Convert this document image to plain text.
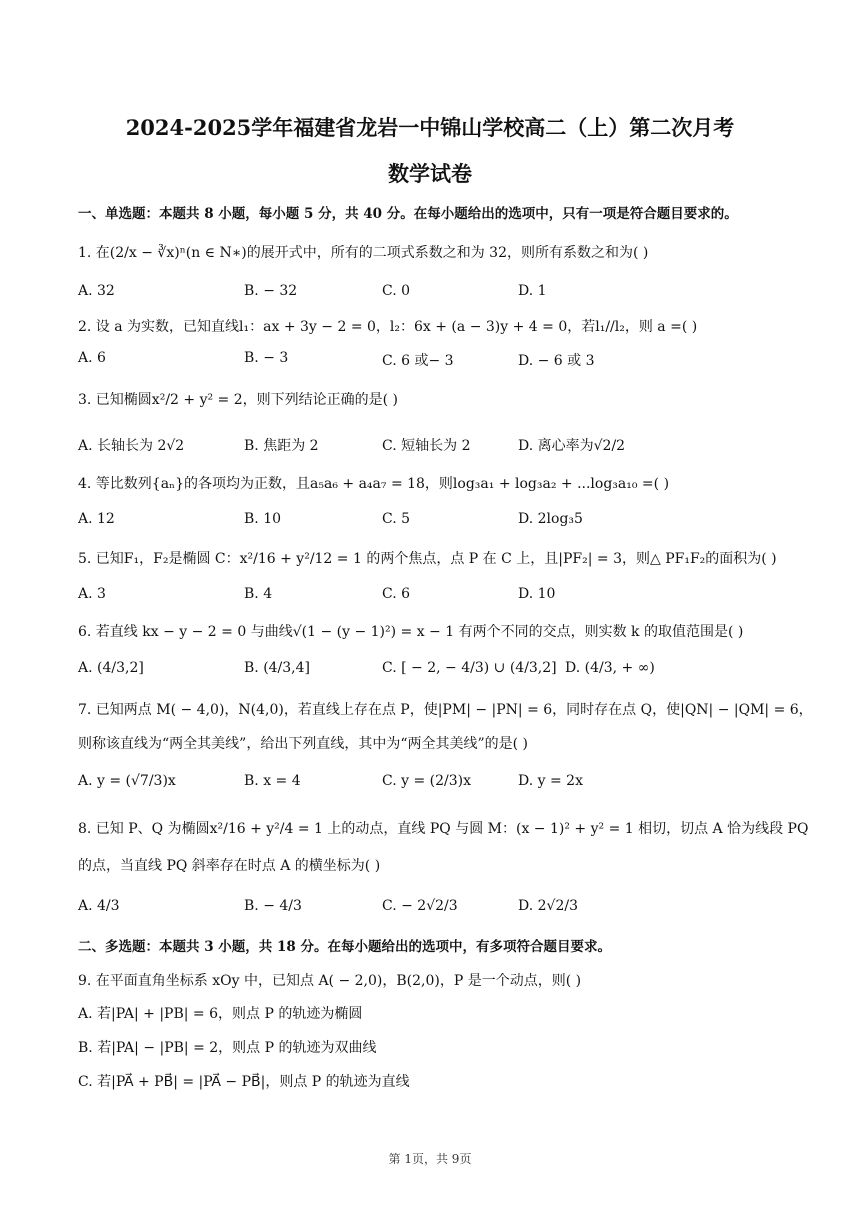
2024-2025学年福建省龙岩一中锦山学校高二（上）第二次月考
数学试卷
一、单选题：本题共 8 小题，每小题 5 分，共 40 分。在每小题给出的选项中，只有一项是符合题目要求的。
1. 在(2/x − ∛x)ⁿ(n ∈ N∗)的展开式中，所有的二项式系数之和为 32，则所有系数之和为( )
A. 32	B. − 32	C. 0	D. 1
2. 设 a 为实数，已知直线l₁：ax + 3y − 2 = 0，l₂：6x + (a − 3)y + 4 = 0，若l₁//l₂，则 a =( )
A. 6	B. − 3	C. 6 或− 3	D. − 6 或 3
3. 已知椭圆x²/2 + y² = 2，则下列结论正确的是( )
A. 长轴长为 2√2	B. 焦距为 2	C. 短轴长为 2	D. 离心率为√2/2
4. 等比数列{aₙ}的各项均为正数，且a₅a₆ + a₄a₇ = 18，则log₃a₁ + log₃a₂ + ...log₃a₁₀ =( )
A. 12	B. 10	C. 5	D. 2log₃5
5. 已知F₁，F₂是椭圆 C：x²/16 + y²/12 = 1 的两个焦点，点 P 在 C 上，且|PF₂| = 3，则△ PF₁F₂的面积为( )
A. 3	B. 4	C. 6	D. 10
6. 若直线 kx − y − 2 = 0 与曲线√(1 − (y − 1)²) = x − 1 有两个不同的交点，则实数 k 的取值范围是( )
A. (4/3,2]	B. (4/3,4]	C. [ − 2, − 4/3) ∪ (4/3,2] D. (4/3, + ∞)
7. 已知两点 M( − 4,0)，N(4,0)，若直线上存在点 P，使|PM| − |PN| = 6，同时存在点 Q，使|QN| − |QM| = 6，
则称该直线为“两全其美线”，给出下列直线，其中为“两全其美线”的是( )
A. y = (√7/3)x	B. x = 4	C. y = (2/3)x	D. y = 2x
8. 已知 P、Q 为椭圆x²/16 + y²/4 = 1 上的动点，直线 PQ 与圆 M：(x − 1)² + y² = 1 相切，切点 A 恰为线段 PQ
的点，当直线 PQ 斜率存在时点 A 的横坐标为( )
A. 4/3	B. − 4/3	C. − 2√2/3	D. 2√2/3
二、多选题：本题共 3 小题，共 18 分。在每小题给出的选项中，有多项符合题目要求。
9. 在平面直角坐标系 xOy 中，已知点 A( − 2,0)，B(2,0)，P 是一个动点，则( )
A. 若|PA| + |PB| = 6，则点 P 的轨迹为椭圆
B. 若|PA| − |PB| = 2，则点 P 的轨迹为双曲线
C. 若|PA⃗ + PB⃗| = |PA⃗ − PB⃗|，则点 P 的轨迹为直线
第 1页，共 9页
